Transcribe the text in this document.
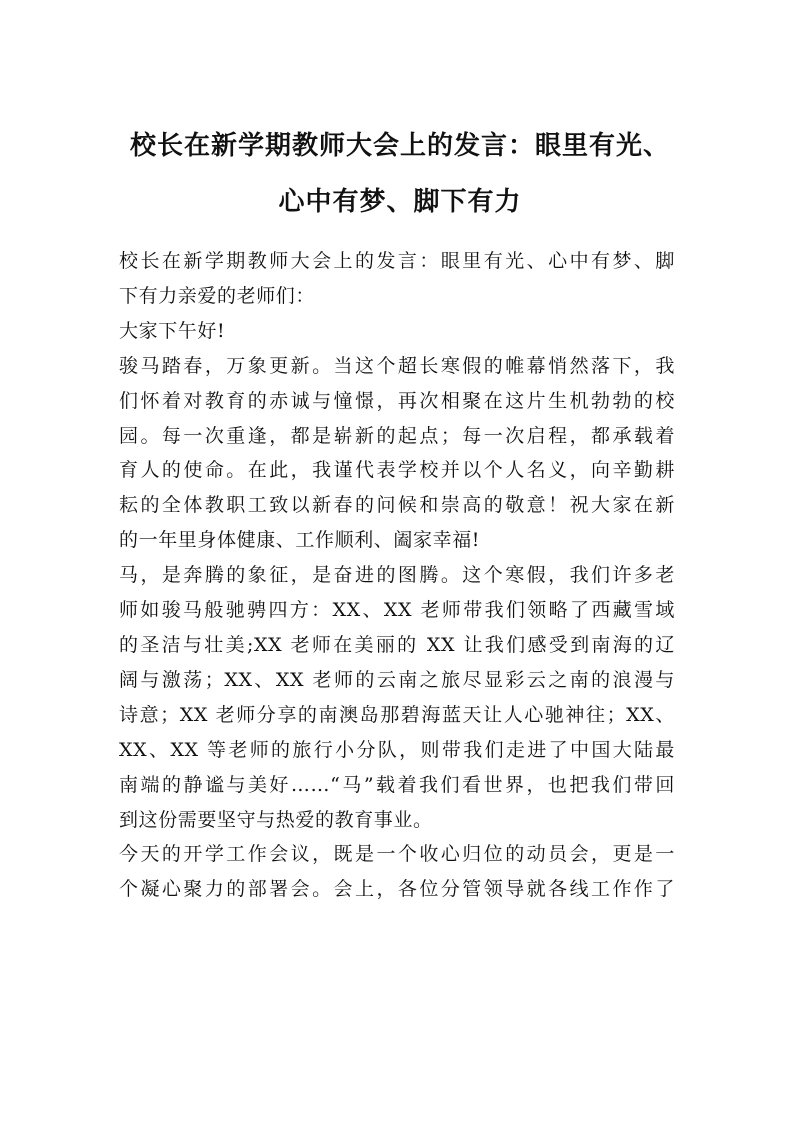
校长在新学期教师大会上的发言：眼里有光、
心中有梦、脚下有力

校长在新学期教师大会上的发言：眼里有光、心中有梦、脚
下有力亲爱的老师们：

大家下午好!

骏马踏春，万象更新。当这个超长寒假的帷幕悄然落下，我
们怀着对教育的赤诚与憧憬，再次相聚在这片生机勃勃的校
园。每一次重逢，都是崭新的起点；每一次启程，都承载着
育人的使命。在此，我谨代表学校并以个人名义，向辛勤耕
耘的全体教职工致以新春的问候和崇高的敬意！祝大家在新
的一年里身体健康、工作顺利、阖家幸福!

马，是奔腾的象征，是奋进的图腾。这个寒假，我们许多老
师如骏马般驰骋四方：XX、XX 老师带我们领略了西藏雪域
的圣洁与壮美;XX 老师在美丽的 XX 让我们感受到南海的辽
阔与激荡；XX、XX 老师的云南之旅尽显彩云之南的浪漫与
诗意；XX 老师分享的南澳岛那碧海蓝天让人心驰神往；XX、
XX、XX 等老师的旅行小分队，则带我们走进了中国大陆最
南端的静谧与美好……“马”载着我们看世界，也把我们带回
到这份需要坚守与热爱的教育事业。

今天的开学工作会议，既是一个收心归位的动员会，更是一
个凝心聚力的部署会。会上，各位分管领导就各线工作作了
